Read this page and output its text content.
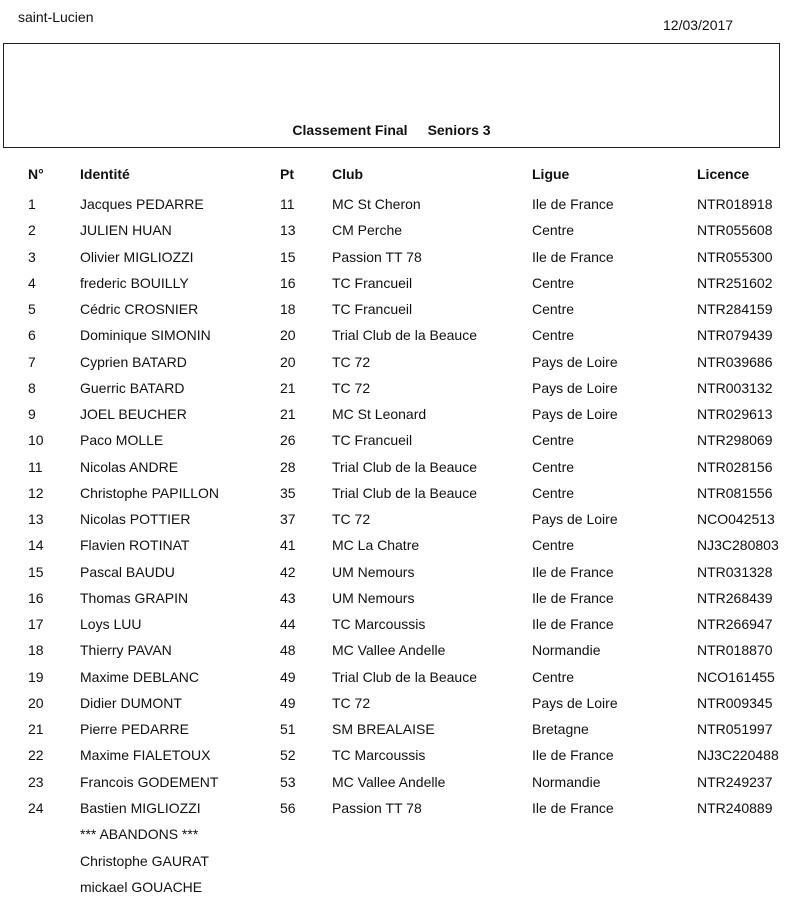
saint-Lucien	12/03/2017
Classement Final Seniors 3
N°	Identité	Pt	Club	Ligue	Licence
1	Jacques PEDARRE	11	MC St Cheron	Ile de France	NTR018918
2	JULIEN HUAN	13	CM Perche	Centre	NTR055608
3	Olivier MIGLIOZZI	15	Passion TT 78	Ile de France	NTR055300
4	frederic BOUILLY	16	TC Francueil	Centre	NTR251602
5	Cédric CROSNIER	18	TC Francueil	Centre	NTR284159
6	Dominique SIMONIN	20	Trial Club de la Beauce	Centre	NTR079439
7	Cyprien BATARD	20	TC 72	Pays de Loire	NTR039686
8	Guerric BATARD	21	TC 72	Pays de Loire	NTR003132
9	JOEL BEUCHER	21	MC St Leonard	Pays de Loire	NTR029613
10	Paco MOLLE	26	TC Francueil	Centre	NTR298069
11	Nicolas ANDRE	28	Trial Club de la Beauce	Centre	NTR028156
12	Christophe PAPILLON	35	Trial Club de la Beauce	Centre	NTR081556
13	Nicolas POTTIER	37	TC 72	Pays de Loire	NCO042513
14	Flavien ROTINAT	41	MC La Chatre	Centre	NJ3C280803
15	Pascal BAUDU	42	UM Nemours	Ile de France	NTR031328
16	Thomas GRAPIN	43	UM Nemours	Ile de France	NTR268439
17	Loys LUU	44	TC Marcoussis	Ile de France	NTR266947
18	Thierry PAVAN	48	MC Vallee Andelle	Normandie	NTR018870
19	Maxime DEBLANC	49	Trial Club de la Beauce	Centre	NCO161455
20	Didier DUMONT	49	TC 72	Pays de Loire	NTR009345
21	Pierre PEDARRE	51	SM BREALAISE	Bretagne	NTR051997
22	Maxime FIALETOUX	52	TC Marcoussis	Ile de France	NJ3C220488
23	Francois GODEMENT	53	MC Vallee Andelle	Normandie	NTR249237
24	Bastien MIGLIOZZI	56	Passion TT 78	Ile de France	NTR240889
*** ABANDONS ***
Christophe GAURAT
mickael GOUACHE
